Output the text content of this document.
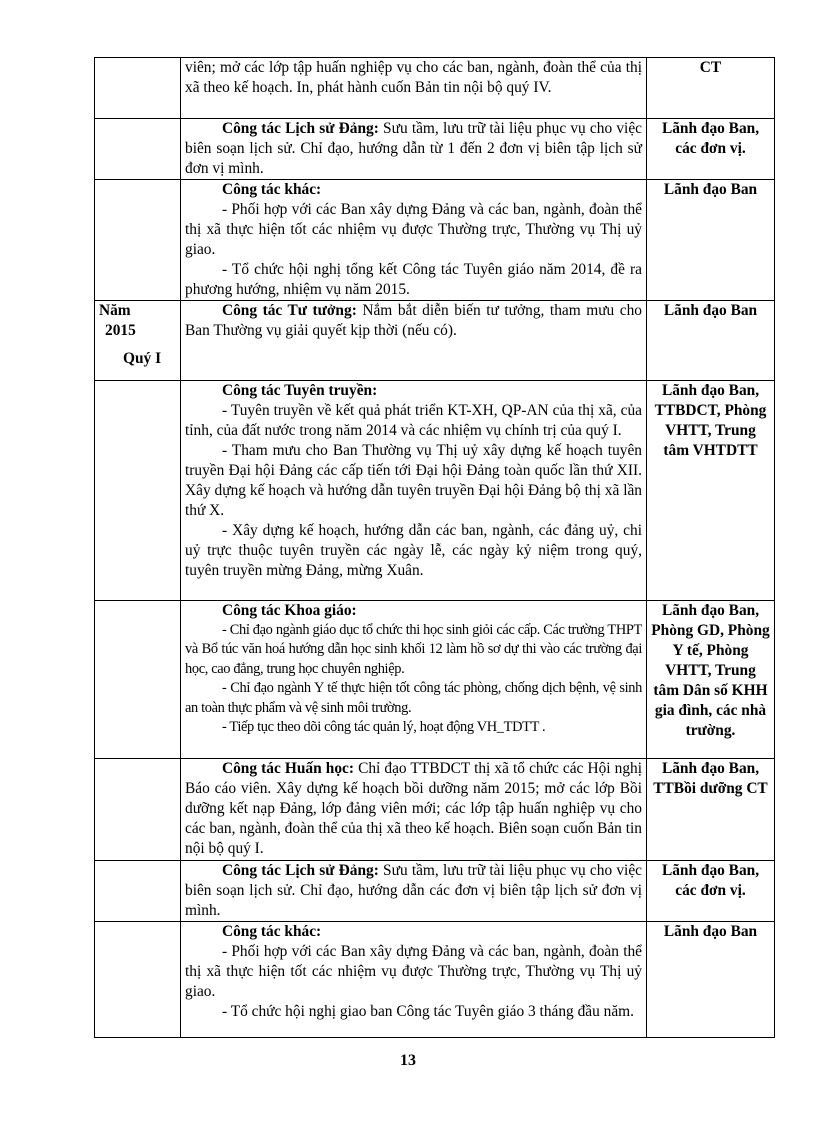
	viên; mở các lớp tập huấn nghiệp vụ cho các ban, ngành, đoàn thể của thị xã theo kế hoạch. In, phát hành cuốn Bản tin nội bộ quý IV.	CT

	Công tác Lịch sử Đảng: Sưu tầm, lưu trữ tài liệu phục vụ cho việc biên soạn lịch sử. Chỉ đạo, hướng dẫn từ 1 đến 2 đơn vị biên tập lịch sử đơn vị mình.	Lãnh đạo Ban, các đơn vị.

	Công tác khác:
- Phối hợp với các Ban xây dựng Đảng và các ban, ngành, đoàn thể thị xã thực hiện tốt các nhiệm vụ được Thường trực, Thường vụ Thị uỷ giao.
- Tổ chức hội nghị tổng kết Công tác Tuyên giáo năm 2014, đề ra phương hướng, nhiệm vụ năm 2015.	Lãnh đạo Ban

Năm
2015
Quý I	Công tác Tư tưởng: Nắm bắt diễn biến tư tưởng, tham mưu cho Ban Thường vụ giải quyết kịp thời (nếu có).	Lãnh đạo Ban

	Công tác Tuyên truyền:
- Tuyên truyền về kết quả phát triển KT-XH, QP-AN của thị xã, của tỉnh, của đất nước trong năm 2014 và các nhiệm vụ chính trị của quý I.
- Tham mưu cho Ban Thường vụ Thị uỷ xây dựng kế hoạch tuyên truyền Đại hội Đảng các cấp tiến tới Đại hội Đảng toàn quốc lần thứ XII. Xây dựng kế hoạch và hướng dẫn tuyên truyền Đại hội Đảng bộ thị xã lần thứ X.
- Xây dựng kế hoạch, hướng dẫn các ban, ngành, các đảng uỷ, chi uỷ trực thuộc tuyên truyền các ngày lễ, các ngày kỷ niệm trong quý, tuyên truyền mừng Đảng, mừng Xuân.	Lãnh đạo Ban, TTBDCT, Phòng VHTT, Trung tâm VHTDTT

	Công tác Khoa giáo:
- Chỉ đạo ngành giáo dục tổ chức thi học sinh giỏi các cấp. Các trường THPT và Bổ túc văn hoá hướng dẫn học sinh khối 12 làm hồ sơ dự thi vào các trường đại học, cao đẳng, trung học chuyên nghiệp.
- Chỉ đạo ngành Y tế thực hiện tốt công tác phòng, chống dịch bệnh, vệ sinh an toàn thực phẩm và vệ sinh môi trường.
- Tiếp tục theo dõi công tác quản lý, hoạt động VH_TDTT .	Lãnh đạo Ban, Phòng GD, Phòng Y tế, Phòng VHTT, Trung tâm Dân số KHH gia đình, các nhà trường.

	Công tác Huấn học: Chỉ đạo TTBDCT thị xã tổ chức các Hội nghị Báo cáo viên. Xây dựng kế hoạch bồi dưỡng năm 2015; mở các lớp Bồi dưỡng kết nạp Đảng, lớp đảng viên mới; các lớp tập huấn nghiệp vụ cho các ban, ngành, đoàn thể của thị xã theo kế hoạch. Biên soạn cuốn Bản tin nội bộ quý I.	Lãnh đạo Ban, TTBồi dưỡng CT

	Công tác Lịch sử Đảng: Sưu tầm, lưu trữ tài liệu phục vụ cho việc biên soạn lịch sử. Chỉ đạo, hướng dẫn các đơn vị biên tập lịch sử đơn vị mình.	Lãnh đạo Ban, các đơn vị.

	Công tác khác:
- Phối hợp với các Ban xây dựng Đảng và các ban, ngành, đoàn thể thị xã thực hiện tốt các nhiệm vụ được Thường trực, Thường vụ Thị uỷ giao.
- Tổ chức hội nghị giao ban Công tác Tuyên giáo 3 tháng đầu năm.	Lãnh đạo Ban
13
